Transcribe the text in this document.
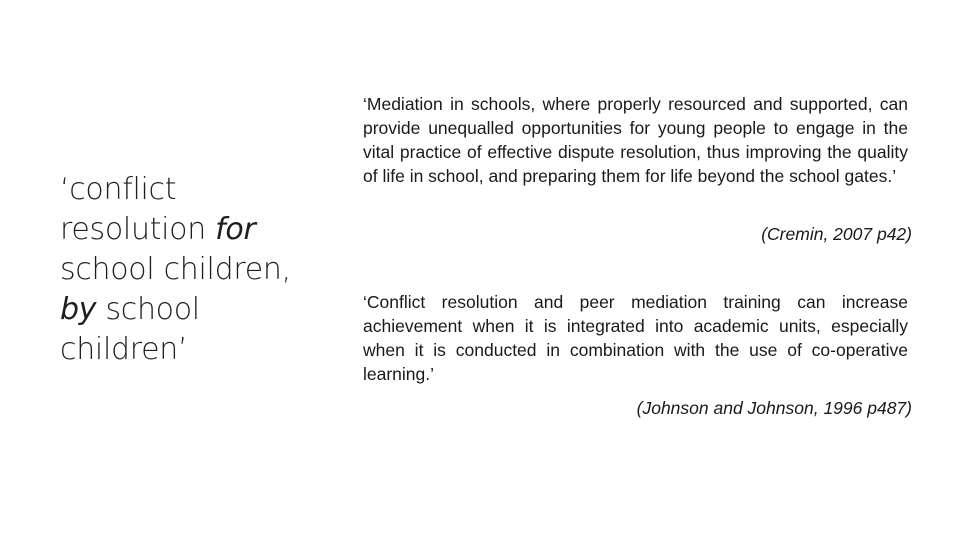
‘conflict
resolution for
school children,
by school
children’
‘Mediation in schools, where properly resourced and supported, can provide unequalled opportunities for young people to engage in the vital practice of effective dispute resolution, thus improving the quality of life in school, and preparing them for life beyond the school gates.’
(Cremin, 2007 p42)
‘Conflict resolution and peer mediation training can increase achievement when it is integrated into academic units, especially when it is conducted in combination with the use of co-operative learning.’
(Johnson and Johnson, 1996 p487)
